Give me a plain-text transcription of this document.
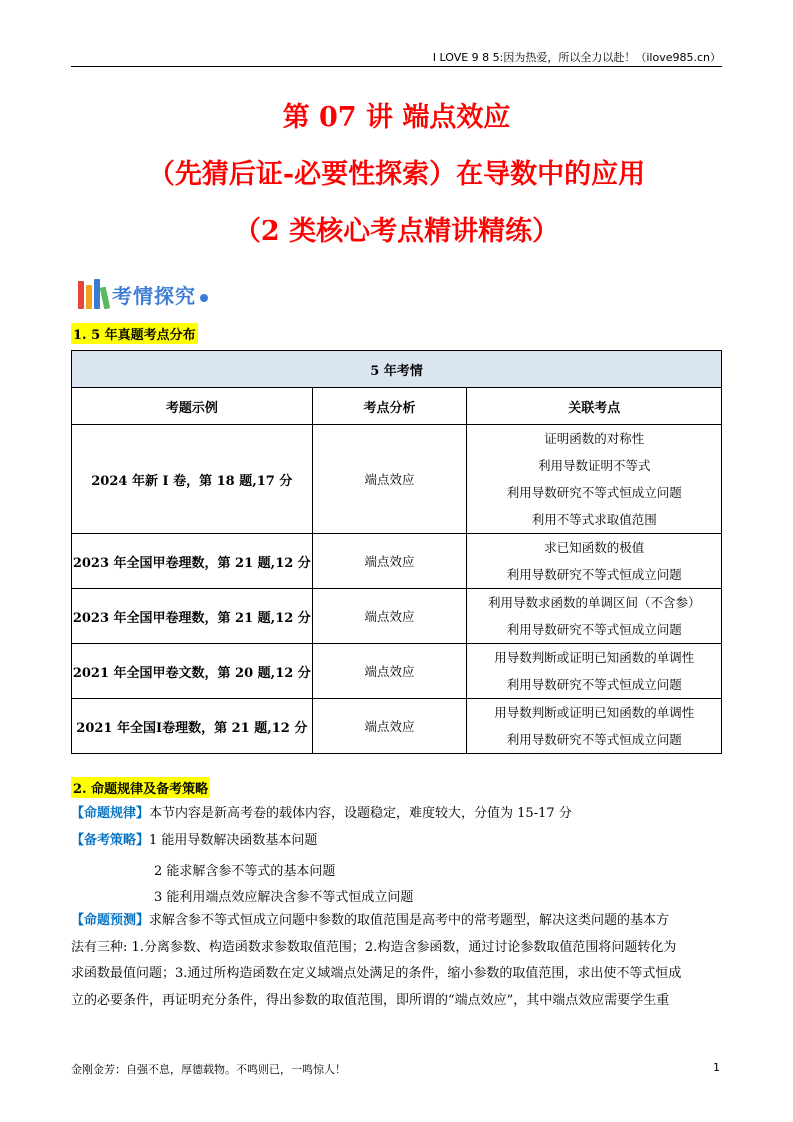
I LOVE 9 8 5:因为热爱，所以全力以赴！（ilove985.cn）
第 07 讲 端点效应
（先猜后证-必要性探索）在导数中的应用
（2 类核心考点精讲精练）
考情探究
1. 5 年真题考点分布
5 年考情		
考题示例	考点分析	关联考点
2024 年新 I 卷，第 18 题,17 分	端点效应	证明函数的对称性
利用导数证明不等式
利用导数研究不等式恒成立问题
利用不等式求取值范围

2023 年全国甲卷理数，第 21 题,12 分	端点效应	求已知函数的极值
利用导数研究不等式恒成立问题

2023 年全国甲卷理数，第 21 题,12 分	端点效应	利用导数求函数的单调区间（不含参）
利用导数研究不等式恒成立问题

2021 年全国甲卷文数，第 20 题,12 分	端点效应	用导数判断或证明已知函数的单调性
利用导数研究不等式恒成立问题

2021 年全国Ⅰ卷理数，第 21 题,12 分	端点效应	用导数判断或证明已知函数的单调性
利用导数研究不等式恒成立问题
2. 命题规律及备考策略
【命题规律】本节内容是新高考卷的载体内容，设题稳定，难度较大，分值为 15-17 分
【备考策略】1 能用导数解决函数基本问题
2 能求解含参不等式的基本问题
3 能利用端点效应解决含参不等式恒成立问题
【命题预测】求解含参不等式恒成立问题中参数的取值范围是高考中的常考题型，解决这类问题的基本方
法有三种: 1.分离参数、构造函数求参数取值范围；2.构造含参函数，通过讨论参数取值范围将问题转化为
求函数最值问题；3.通过所构造函数在定义域端点处满足的条件，缩小参数的取值范围，求出使不等式恒成
立的必要条件，再证明充分条件，得出参数的取值范围，即所谓的“端点效应”，其中端点效应需要学生重
金刚金芳：自强不息，厚德载物。不鸣则已，一鸣惊人！	1
